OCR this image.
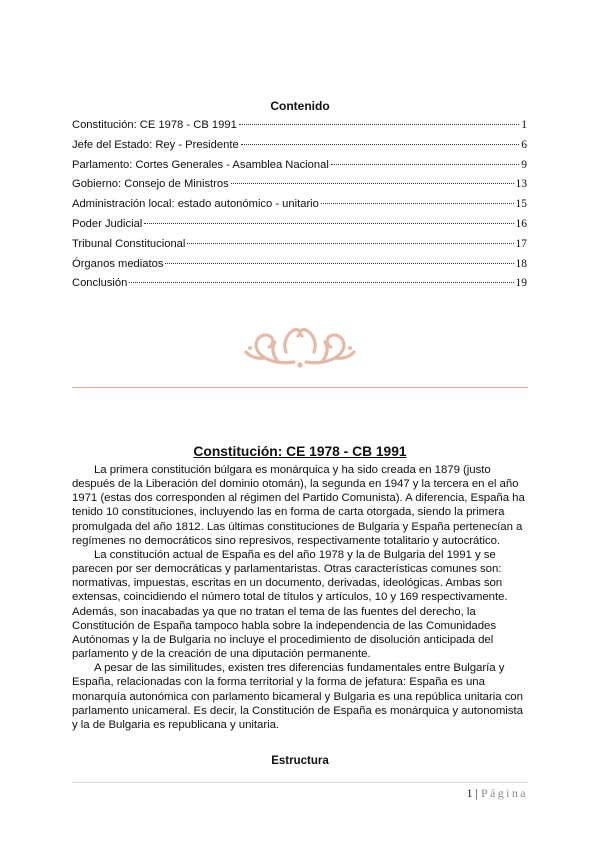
Contenido
Constitución: CE 1978 - CB 1991	1
Jefe del Estado: Rey - Presidente	6
Parlamento: Cortes Generales - Asamblea Nacional	9
Gobierno: Consejo de Ministros	13
Administración local: estado autonómico - unitario	15
Poder Judicial	16
Tribunal Constitucional	17
Órganos mediatos	18
Conclusión	19
Constitución: CE 1978 - CB 1991

La primera constitución búlgara es monárquica y ha sido creada en 1879 (justo después de la Liberación del dominio otomán), la segunda en 1947 y la tercera en el año 1971 (estas dos corresponden al régimen del Partido Comunista). A diferencia, España ha tenido 10 constituciones, incluyendo las en forma de carta otorgada, siendo la primera promulgada del año 1812. Las últimas constituciones de Bulgaria y España pertenecían a regímenes no democráticos sino represivos, respectivamente totalitario y autocrático.

La constitución actual de España es del año 1978 y la de Bulgaria del 1991 y se parecen por ser democráticas y parlamentaristas. Otras características comunes son: normativas, impuestas, escritas en un documento, derivadas, ideológicas. Ambas son extensas, coincidiendo el número total de títulos y artículos, 10 y 169 respectivamente. Además, son inacabadas ya que no tratan el tema de las fuentes del derecho, la Constitución de España tampoco habla sobre la independencia de las Comunidades Autónomas y la de Bulgaria no incluye el procedimiento de disolución anticipada del parlamento y de la creación de una diputación permanente.

A pesar de las similitudes, existen tres diferencias fundamentales entre Bulgaría y España, relacionadas con la forma territorial y la forma de jefatura: España es una monarquía autonómica con parlamento bicameral y Bulgaria es una república unitaria con parlamento unicameral. Es decir, la Constitución de España es monárquica y autonomista y la de Bulgaria es republicana y unitaria.

Estructura
1 | Página
